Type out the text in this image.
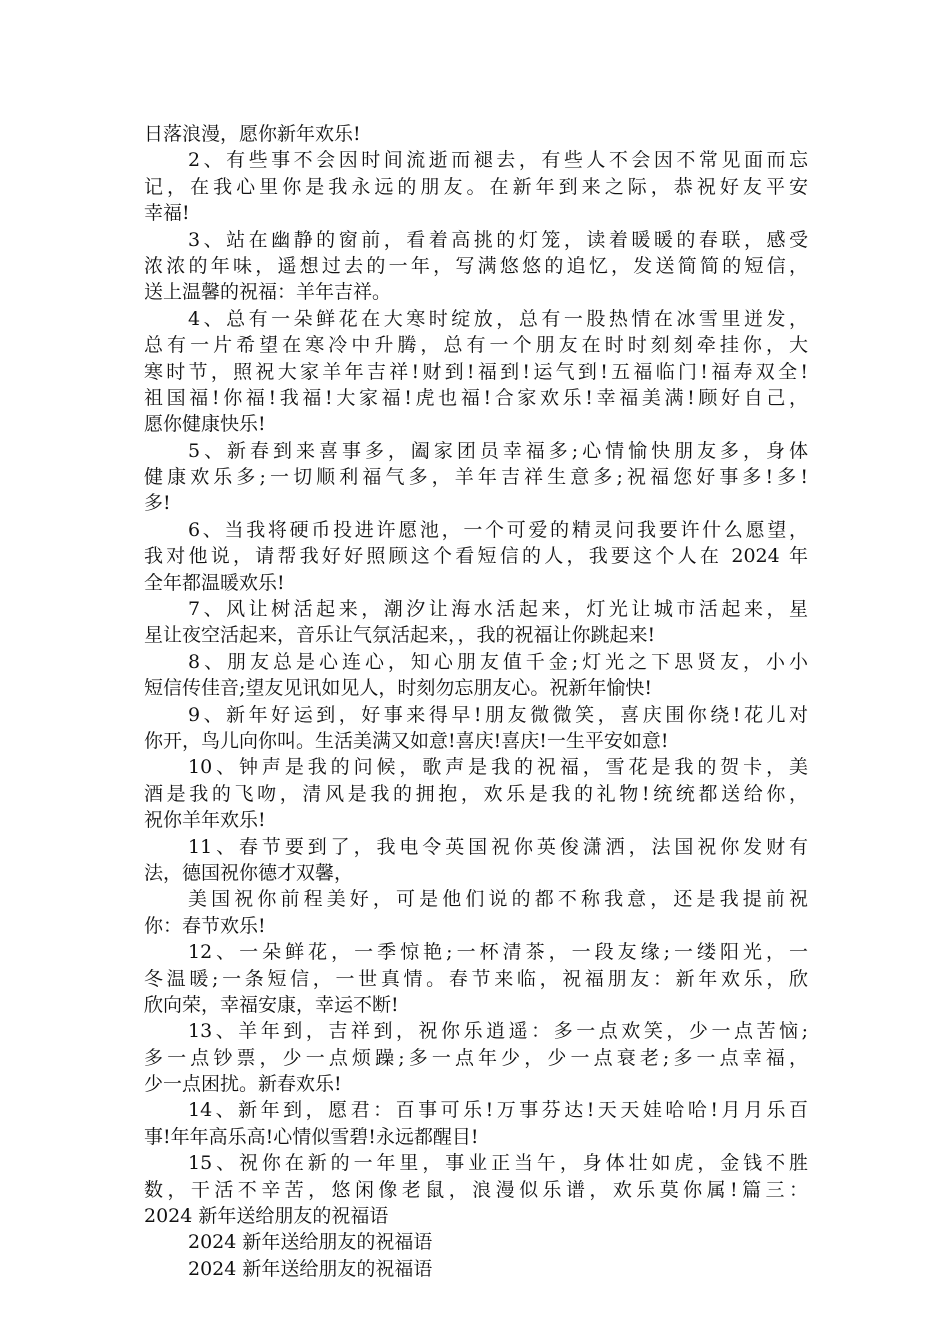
日落浪漫，愿你新年欢乐!
2、有些事不会因时间流逝而褪去，有些人不会因不常见面而忘
记，在我心里你是我永远的朋友。在新年到来之际，恭祝好友平安
幸福!
3、站在幽静的窗前，看着高挑的灯笼，读着暖暖的春联，感受
浓浓的年味，遥想过去的一年，写满悠悠的追忆，发送简简的短信，
送上温馨的祝福：羊年吉祥。
4、总有一朵鲜花在大寒时绽放，总有一股热情在冰雪里迸发，
总有一片希望在寒冷中升腾，总有一个朋友在时时刻刻牵挂你，大
寒时节，照祝大家羊年吉祥!财到!福到!运气到!五福临门!福寿双全!
祖国福!你福!我福!大家福!虎也福!合家欢乐!幸福美满!顾好自己，
愿你健康快乐!
5、新春到来喜事多，阖家团员幸福多;心情愉快朋友多，身体
健康欢乐多;一切顺利福气多，羊年吉祥生意多;祝福您好事多!多!
多!
6、当我将硬币投进许愿池，一个可爱的精灵问我要许什么愿望，
我对他说，请帮我好好照顾这个看短信的人，我要这个人在 2024 年
全年都温暖欢乐!
7、风让树活起来，潮汐让海水活起来，灯光让城市活起来，星
星让夜空活起来，音乐让气氛活起来，，我的祝福让你跳起来!
8、朋友总是心连心，知心朋友值千金;灯光之下思贤友，小小
短信传佳音;望友见讯如见人，时刻勿忘朋友心。祝新年愉快!
9、新年好运到，好事来得早!朋友微微笑，喜庆围你绕!花儿对
你开，鸟儿向你叫。生活美满又如意!喜庆!喜庆!一生平安如意!
10、钟声是我的问候，歌声是我的祝福，雪花是我的贺卡，美
酒是我的飞吻，清风是我的拥抱，欢乐是我的礼物!统统都送给你，
祝你羊年欢乐!
11、春节要到了，我电令英国祝你英俊潇洒，法国祝你发财有
法，德国祝你德才双馨，
美国祝你前程美好，可是他们说的都不称我意，还是我提前祝
你：春节欢乐!
12、一朵鲜花，一季惊艳;一杯清茶，一段友缘;一缕阳光，一
冬温暖;一条短信，一世真情。春节来临，祝福朋友：新年欢乐，欣
欣向荣，幸福安康，幸运不断!
13、羊年到，吉祥到，祝你乐逍遥：多一点欢笑，少一点苦恼;
多一点钞票，少一点烦躁;多一点年少，少一点衰老;多一点幸福，
少一点困扰。新春欢乐!
14、新年到，愿君：百事可乐!万事芬达!天天娃哈哈!月月乐百
事!年年高乐高!心情似雪碧!永远都醒目!
15、祝你在新的一年里，事业正当午，身体壮如虎，金钱不胜
数，干活不辛苦，悠闲像老鼠，浪漫似乐谱，欢乐莫你属!篇三：
2024 新年送给朋友的祝福语
2024 新年送给朋友的祝福语
2024 新年送给朋友的祝福语
